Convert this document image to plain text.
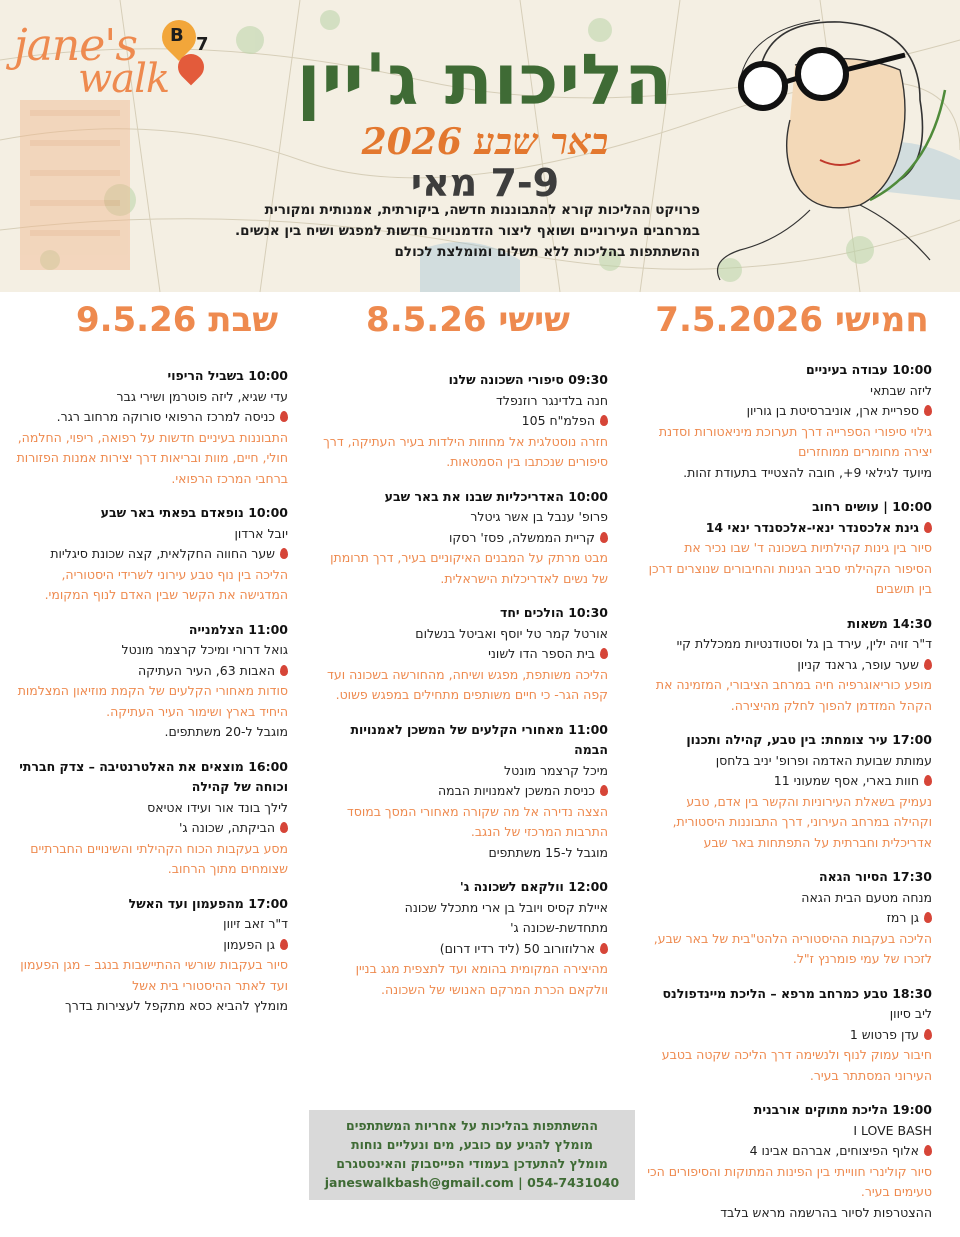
jane's
walk
B 7	הליכות ג'יין
באר שבע 2026
7-9 מאי
פרויקט ההליכות קורא להתבוננות חדשה, ביקורתית, אמנותית ומקורית
במרחבים העירוניים ושואף ליצור הזדמנויות חדשות למפגש ושיח בין אנשים.
ההשתתפות בהליכות ללא תשלום ומומלצת לכולם
חמישי 7.5.2026
שישי 8.5.26
שבת 9.5.26
10:00 עבודה בעיניים
ליזה שבתאי
ספריית ארן, אוניברסיטת בן גוריון
גילוי סיפורי הספרייה דרך תערוכת מיניאטורות וסדנת יצירה מחומרים ממוחזרים
מיועד לגילאי 9+, חובה להצטייד בתעודת זהות.
10:00 | עושים רחוב
גינת אלכסנדר ינאי-אלכסנדר ינאי 14
סיור בין גינות קהילתיות בשכונה ד' שבו נכיר את הסיפור הקהילתי סביב הגינות והחיבורים שנוצרים דרכן בין תושבים
14:30 משאות
ד"ר זויה ילין, עירד בן גל וסטודנטיות ממכללת קיי
שער עופר, גראנד קניון
מופע כוריאוגרפיה חיה במרחב הציבורי, המזמינה את הקהל המזדמן להפוך לחלק מהיצירה.
17:00 עיר צומחת: בין טבע, קהילה ותכנון
עמותת שבועת האדמה ופרופ' יניב בלחסן
חוות בארי, אסף שמעוני 11
נעמיק בשאלת העירוניות והקשר בין אדם, טבע וקהילה במרחב העירוני, דרך התבוננות היסטורית, אדריכלית וחברתית על התפתחות באר שבע
17:30 הסיור הגאה
מנחה מטעם הבית הגאה
גן רמז
הליכה בעקבות ההיסטוריה הלהט"בית של באר שבע, לזכרו של עמי פומרנץ ז"ל.
18:30 טבע כמרחב מרפא – הליכת מיינדפולנס
ליב סיוון
עדן פרטוש 1
חיבור עמוק לנוף ולנשימה דרך הליכה שקטה בטבע העירוני המסתתר בעיר.
19:00 הליכת מתוקים אורבנית
I LOVE BASH
אלוף הפיצוחים, אברהם אבינו 4
סיור קולינרי חווייתי בין הפינות המתוקות והסיפורים הכי טעימים בעיר.
ההצטרפות לסיור בהרשמה מראש בלבד
09:30 סיפורי השכונה שלנו
חנה בלדינגר רוזנפלד
הפלמ"ח 105
חזרה נוסטלגית אל מחוזות הילדות בעיר העתיקה, דרך סיפורים שנכתבו בין הסמטאות.
10:00 האדריכליות שבנו את באר שבע
פרופ' ענבל בן אשר גיטלר
קריית הממשלה, פסז' רסקו
מבט מרתק על המבנים האיקוניים בעיר, דרך תרומתן של נשים לאדריכלות הישראלית.
10:30 הולכים יחד
אורטל קמר טל יוסף ואביטל בנשלום
בית הספר הדו לשוני
הליכה משותפת, מפגש ושיחה, מהחורשה בשכונה ועד קפה הגר- כי חיים משותפים מתחילים במפגש פשוט.
11:00 מאחורי הקלעים של המשכן לאמנויות הבמה
מיכל קרצמר מונטל
כניסת המשכן לאמנויות הבמה
הצצה נדירה אל מה שקורה מאחורי המסך במוסד התרבות המרכזי של הנגב.
מוגבל ל-15 משתתפים
12:00 וולקאם לשכונה ג'
איילת קסיס ויובל בן ארי מתכלל שכונה מתחדשת-שכונה ג'
ארלוזורוב 50 (ליד רדיו דרום)
מהיצירה המקומית בהומא ועד לתצפית מגג בניין וולקאם הכרת המרקם האנושי של השכונה.
10:00 בשביל הריפוי
עדי שגיא, ליזה פוטרמן ושירי גבר
כניסה למרכז הרפואי סורוקה מרחוב רגר.
התבוננות בעיניים חדשות על רפואה, ריפוי, החלמה, חולי, חיים, מוות ובריאות דרך יצירות אמנות הפזורות ברחבי המרכז הרפואי.
10:00 נופאדם בפאתי באר שבע
יובל ארדון
שער החווה החקלאית, קצה שכונת סיגליות
הליכה בין נוף טבע עירוני לשרידי היסטוריה, המדגישה את הקשר שבין האדם לנוף המקומי.
11:00 הצלמנייה
גואל דרורי ומיכל קרצמר מונטל
האבות 63, העיר העתיקה
סודות מאחורי הקלעים של הקמת מוזיאון המצלמות היחיד בארץ ושימור העיר העתיקה.
מוגבל ל-20 משתתפים.
16:00 מוצאים את האלטרנטיבה – צדק חברתי וכוחה של קהילה
לילך בונד אור ועידו אטיאס
הביקתה, שכונה ג'
מסע בעקבות הכוח הקהילתי והשינויים החברתיים שצומחים מתוך הרחוב.
17:00 מהפעמון ועד האשל
ד"ר זאב זיוון
גן הפעמון
סיור בעקבות שורשי ההתיישבות בנגב – מגן הפעמון ועד לאתר ההיסטורי בית אשל
מומלץ להביא כסא מתקפל לעצירות בדרך
ההשתתפות בהליכות על אחריות המשתתפים
מומלץ להגיע עם כובע, מים ונעליים נוחות
מומלץ להתעדכן בעמודי הפייסבוק והאינסטגרם
janeswalkbash@gmail.com | 054-7431040
